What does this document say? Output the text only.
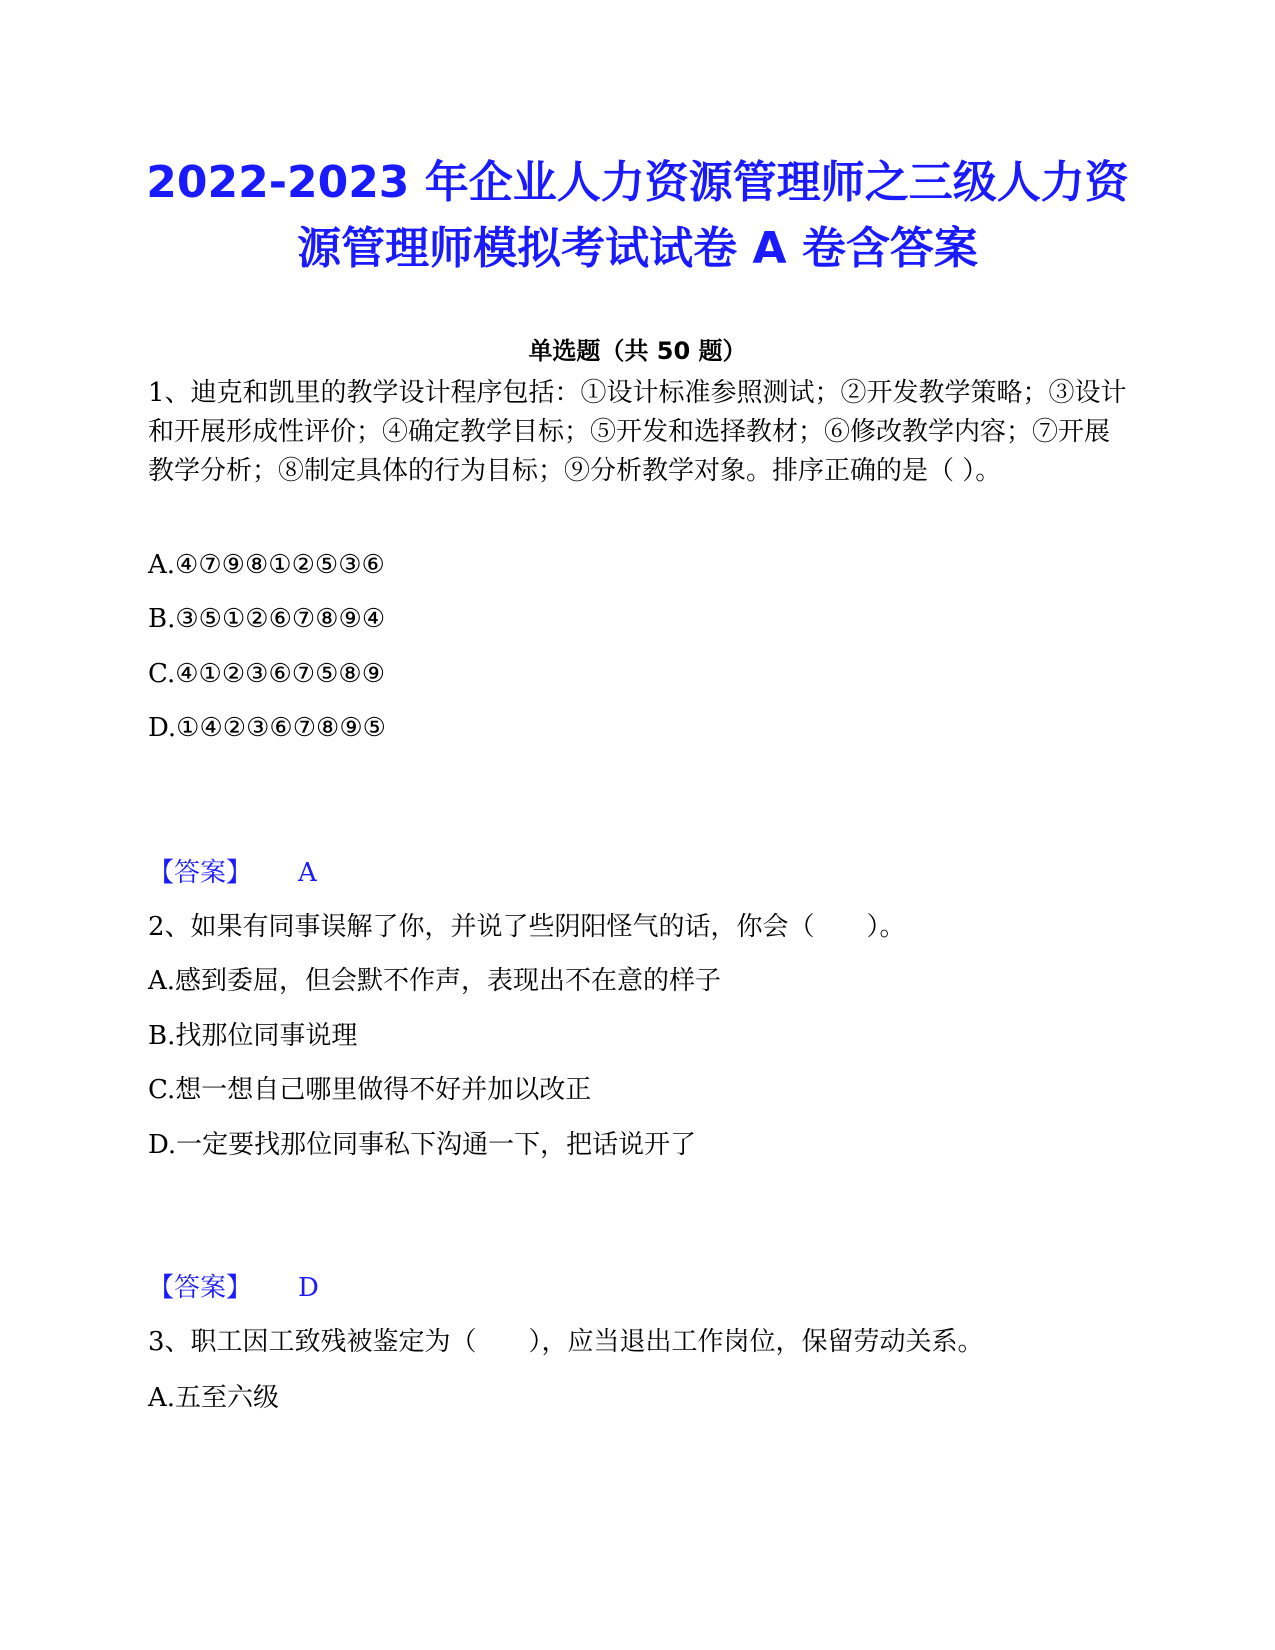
2022-2023 年企业人力资源管理师之三级人力资源管理师模拟考试试卷 A 卷含答案
单选题（共 50 题）
1、迪克和凯里的教学设计程序包括：①设计标准参照测试；②开发教学策略；③设计和开展形成性评价；④确定教学目标；⑤开发和选择教材；⑥修改教学内容；⑦开展教学分析；⑧制定具体的行为目标；⑨分析教学对象。排序正确的是（ ）。
A.④⑦⑨⑧①②⑤③⑥
B.③⑤①②⑥⑦⑧⑨④
C.④①②③⑥⑦⑤⑧⑨
D.①④②③⑥⑦⑧⑨⑤
【答案】 A
2、如果有同事误解了你，并说了些阴阳怪气的话，你会（　　）。
A.感到委屈，但会默不作声，表现出不在意的样子
B.找那位同事说理
C.想一想自己哪里做得不好并加以改正
D.一定要找那位同事私下沟通一下，把话说开了
【答案】 D
3、职工因工致残被鉴定为（　　），应当退出工作岗位，保留劳动关系。
A.五至六级
